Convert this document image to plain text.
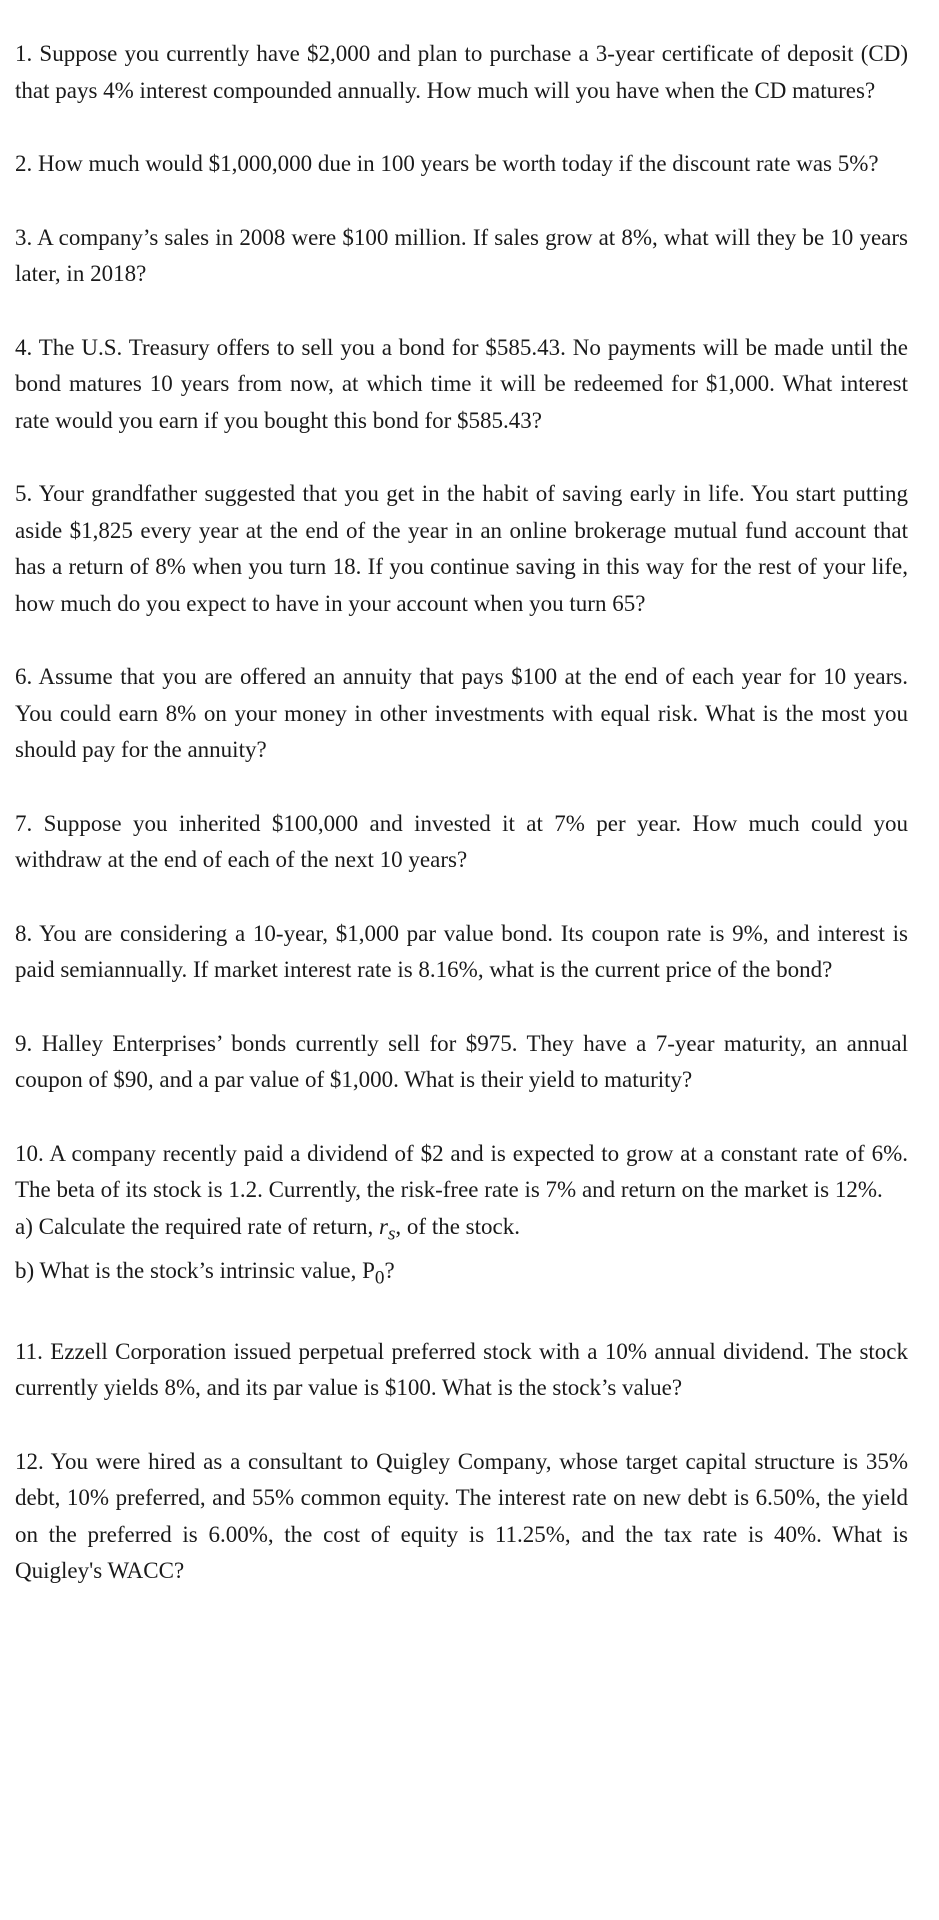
1. Suppose you currently have $2,000 and plan to purchase a 3-year certificate of deposit (CD) that pays 4% interest compounded annually. How much will you have when the CD matures?

2. How much would $1,000,000 due in 100 years be worth today if the discount rate was 5%?

3. A company’s sales in 2008 were $100 million. If sales grow at 8%, what will they be 10 years later, in 2018?

4. The U.S. Treasury offers to sell you a bond for $585.43. No payments will be made until the bond matures 10 years from now, at which time it will be redeemed for $1,000. What interest rate would you earn if you bought this bond for $585.43?

5. Your grandfather suggested that you get in the habit of saving early in life. You start putting aside $1,825 every year at the end of the year in an online brokerage mutual fund account that has a return of 8% when you turn 18. If you continue saving in this way for the rest of your life, how much do you expect to have in your account when you turn 65?

6. Assume that you are offered an annuity that pays $100 at the end of each year for 10 years. You could earn 8% on your money in other investments with equal risk. What is the most you should pay for the annuity?

7. Suppose you inherited $100,000 and invested it at 7% per year. How much could you withdraw at the end of each of the next 10 years?

8. You are considering a 10-year, $1,000 par value bond. Its coupon rate is 9%, and interest is paid semiannually. If market interest rate is 8.16%, what is the current price of the bond?

9. Halley Enterprises’ bonds currently sell for $975. They have a 7-year maturity, an annual coupon of $90, and a par value of $1,000. What is their yield to maturity?

10. A company recently paid a dividend of $2 and is expected to grow at a constant rate of 6%. The beta of its stock is 1.2. Currently, the risk-free rate is 7% and return on the market is 12%.

a) Calculate the required rate of return, $r_s$, of the stock.

b) What is the stock’s intrinsic value, $P_0$?

11. Ezzell Corporation issued perpetual preferred stock with a 10% annual dividend. The stock currently yields 8%, and its par value is $100. What is the stock’s value?

12. You were hired as a consultant to Quigley Company, whose target capital structure is 35% debt, 10% preferred, and 55% common equity. The interest rate on new debt is 6.50%, the yield on the preferred is 6.00%, the cost of equity is 11.25%, and the tax rate is 40%. What is Quigley's WACC?
